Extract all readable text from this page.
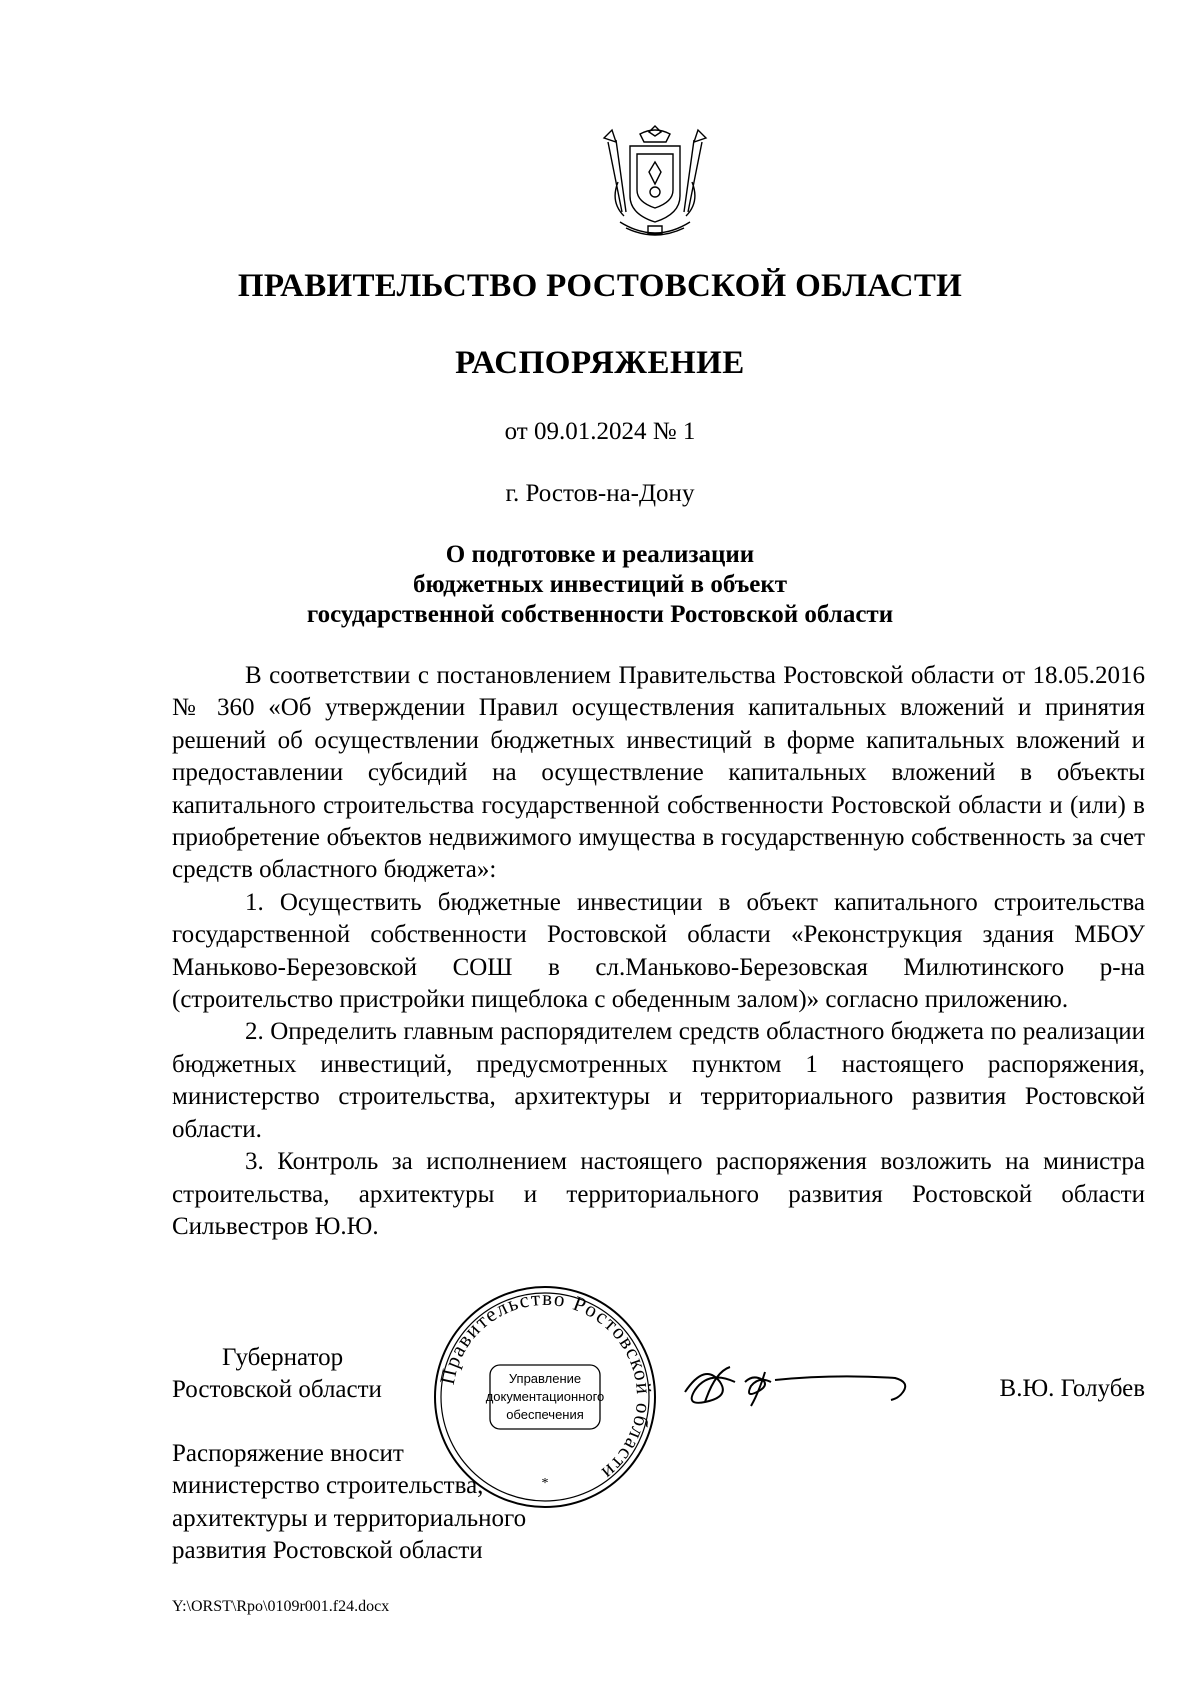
ПРАВИТЕЛЬСТВО РОСТОВСКОЙ ОБЛАСТИ
РАСПОРЯЖЕНИЕ
от 09.01.2024 № 1
г. Ростов-на-Дону
О подготовке и реализации
бюджетных инвестиций в объект
государственной собственности Ростовской области

В соответствии с постановлением Правительства Ростовской области от 18.05.2016 № 360 «Об утверждении Правил осуществления капитальных вложений и принятия решений об осуществлении бюджетных инвестиций в форме капитальных вложений и предоставлении субсидий на осуществление капитальных вложений в объекты капитального строительства государственной собственности Ростовской области и (или) в приобретение объектов недвижимого имущества в государственную собственность за счет средств областного бюджета»:

1. Осуществить бюджетные инвестиции в объект капитального строительства государственной собственности Ростовской области «Реконструкция здания МБОУ Маньково-Березовской СОШ в сл.Маньково-Березовская Милютинского р-на (строительство пристройки пищеблока с обеденным залом)» согласно приложению.

2. Определить главным распорядителем средств областного бюджета по реализации бюджетных инвестиций, предусмотренных пунктом 1 настоящего распоряжения, министерство строительства, архитектуры и территориального развития Ростовской области.

3. Контроль за исполнением настоящего распоряжения возложить на министра строительства, архитектуры и территориального развития Ростовской области Сильвестров Ю.Ю.

Губернатор
Ростовской области	В.Ю. Голубев
Распоряжение вносит
министерство строительства,
архитектуры и территориального
развития Ростовской области
Правительство Ростовской области
Управление
документационного
обеспечения
*
Y:\ORST\Rpo\0109r001.f24.docx
